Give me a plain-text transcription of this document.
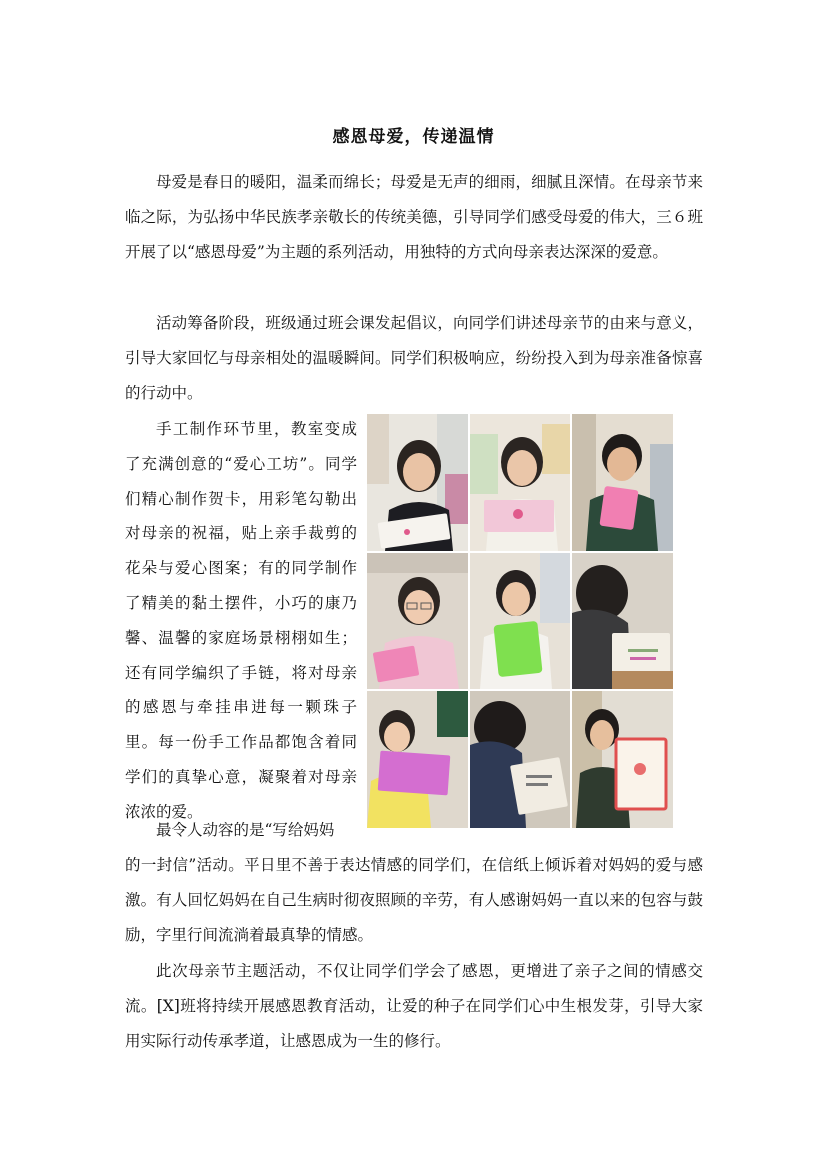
感恩母爱，传递温情

母爱是春日的暖阳，温柔而绵长；母爱是无声的细雨，细腻且深情。在母亲节来临之际，为弘扬中华民族孝亲敬长的传统美德，引导同学们感受母爱的伟大，三６班开展了以“感恩母爱”为主题的系列活动，用独特的方式向母亲表达深深的爱意。

活动筹备阶段，班级通过班会课发起倡议，向同学们讲述母亲节的由来与意义，引导大家回忆与母亲相处的温暖瞬间。同学们积极响应，纷纷投入到为母亲准备惊喜的行动中。

手工制作环节里，教室变成了充满创意的“爱心工坊”。同学们精心制作贺卡，用彩笔勾勒出对母亲的祝福，贴上亲手裁剪的花朵与爱心图案；有的同学制作了精美的黏土摆件，小巧的康乃馨、温馨的家庭场景栩栩如生；还有同学编织了手链，将对母亲的感恩与牵挂串进每一颗珠子里。每一份手工作品都饱含着同学们的真挚心意，凝聚着对母亲浓浓的爱。

最令人动容的是“写给妈妈

的一封信”活动。平日里不善于表达情感的同学们，在信纸上倾诉着对妈妈的爱与感激。有人回忆妈妈在自己生病时彻夜照顾的辛劳，有人感谢妈妈一直以来的包容与鼓励，字里行间流淌着最真挚的情感。

此次母亲节主题活动，不仅让同学们学会了感恩，更增进了亲子之间的情感交流。[X]班将持续开展感恩教育活动，让爱的种子在同学们心中生根发芽，引导大家用实际行动传承孝道，让感恩成为一生的修行。
